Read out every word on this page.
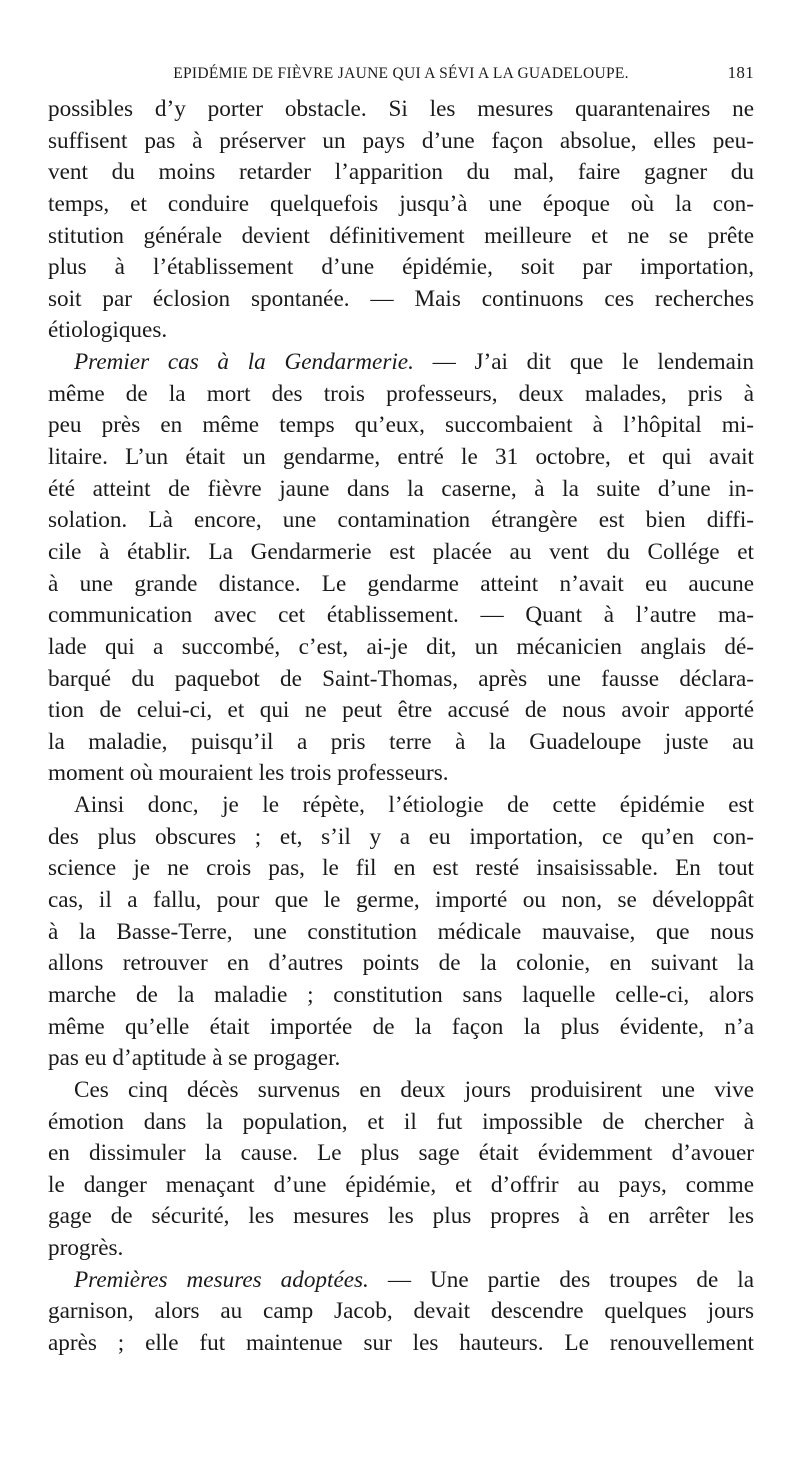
EPIDÉMIE DE FIÈVRE JAUNE QUI A SÉVI A LA GUADELOUPE.	181
possibles d’y porter obstacle. Si les mesures quarantenaires ne
suffisent pas à préserver un pays d’une façon absolue, elles peu-
vent du moins retarder l’apparition du mal, faire gagner du
temps, et conduire quelquefois jusqu’à une époque où la con-
stitution générale devient définitivement meilleure et ne se prête
plus à l’établissement d’une épidémie, soit par importation,
soit par éclosion spontanée. — Mais continuons ces recherches
étiologiques.
Premier cas à la Gendarmerie. — J’ai dit que le lendemain
même de la mort des trois professeurs, deux malades, pris à
peu près en même temps qu’eux, succombaient à l’hôpital mi-
litaire. L’un était un gendarme, entré le 31 octobre, et qui avait
été atteint de fièvre jaune dans la caserne, à la suite d’une in-
solation. Là encore, une contamination étrangère est bien diffi-
cile à établir. La Gendarmerie est placée au vent du Collége et
à une grande distance. Le gendarme atteint n’avait eu aucune
communication avec cet établissement. — Quant à l’autre ma-
lade qui a succombé, c’est, ai-je dit, un mécanicien anglais dé-
barqué du paquebot de Saint-Thomas, après une fausse déclara-
tion de celui-ci, et qui ne peut être accusé de nous avoir apporté
la maladie, puisqu’il a pris terre à la Guadeloupe juste au
moment où mouraient les trois professeurs.
Ainsi donc, je le répète, l’étiologie de cette épidémie est
des plus obscures ; et, s’il y a eu importation, ce qu’en con-
science je ne crois pas, le fil en est resté insaisissable. En tout
cas, il a fallu, pour que le germe, importé ou non, se développât
à la Basse-Terre, une constitution médicale mauvaise, que nous
allons retrouver en d’autres points de la colonie, en suivant la
marche de la maladie ; constitution sans laquelle celle-ci, alors
même qu’elle était importée de la façon la plus évidente, n’a
pas eu d’aptitude à se progager.
Ces cinq décès survenus en deux jours produisirent une vive
émotion dans la population, et il fut impossible de chercher à
en dissimuler la cause. Le plus sage était évidemment d’avouer
le danger menaçant d’une épidémie, et d’offrir au pays, comme
gage de sécurité, les mesures les plus propres à en arrêter les
progrès.
Premières mesures adoptées. — Une partie des troupes de la
garnison, alors au camp Jacob, devait descendre quelques jours
après ; elle fut maintenue sur les hauteurs. Le renouvellement
